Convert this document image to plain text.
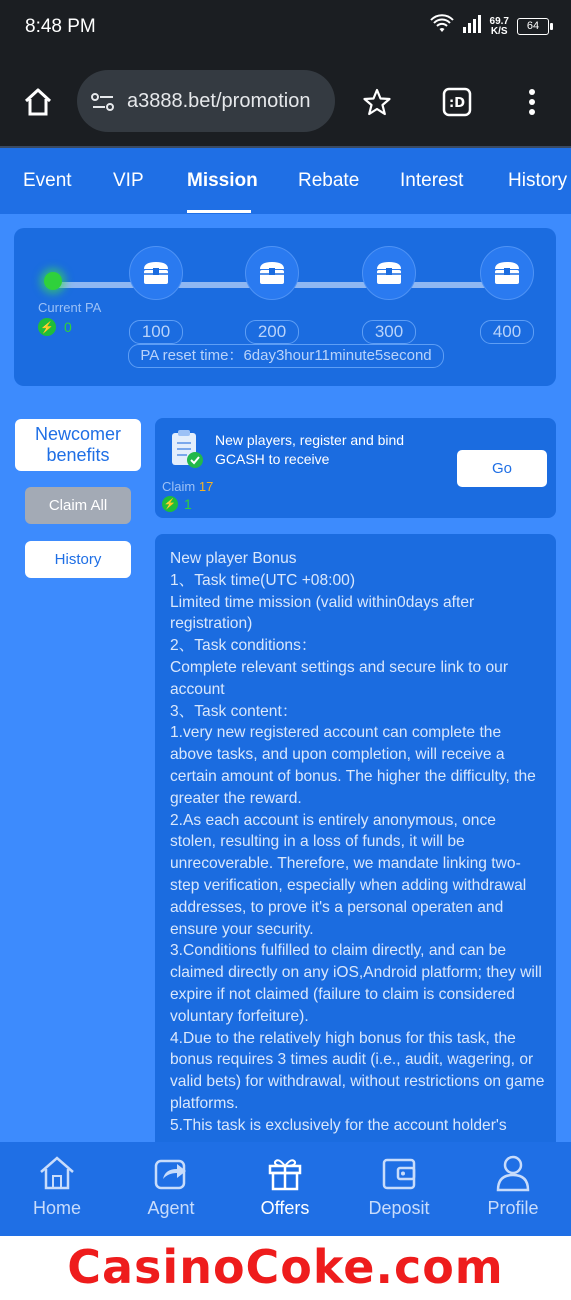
8:48 PM	69.7
K/S	64
a3888.bet/promotion	:D
Event VIP Mission Rebate Interest History
Current PA
⚡ 0	100	200	300	400
PA reset time：6day3hour11minute5second
Newcomer
benefits
Claim All
History
New players, register and bind GCASH to receive
Go
Claim 17
⚡ 1

New player Bonus

1、Task time(UTC +08:00)

Limited time mission (valid within0days after registration)

2、Task conditions：

Complete relevant settings and secure link to our account

3、Task content：

1.very new registered account can complete the above tasks, and upon completion, will receive a certain amount of bonus. The higher the difficulty, the greater the reward.

2.As each account is entirely anonymous, once stolen, resulting in a loss of funds, it will be unrecoverable. Therefore, we mandate linking two-step verification, especially when adding withdrawal addresses, to prove it's a personal operaten and ensure your security.

3.Conditions fulfilled to claim directly, and can be claimed directly on any iOS,Android platform; they will expire if not claimed (failure to claim is considered voluntary forfeiture).

4.Due to the relatively high bonus for this task, the bonus requires 3 times audit (i.e., audit, wagering, or valid bets) for withdrawal, without restrictions on game platforms.

5.This task is exclusively for the account holder's

Home	Agent	Offers	Deposit	Profile
CasinoCoke.com
